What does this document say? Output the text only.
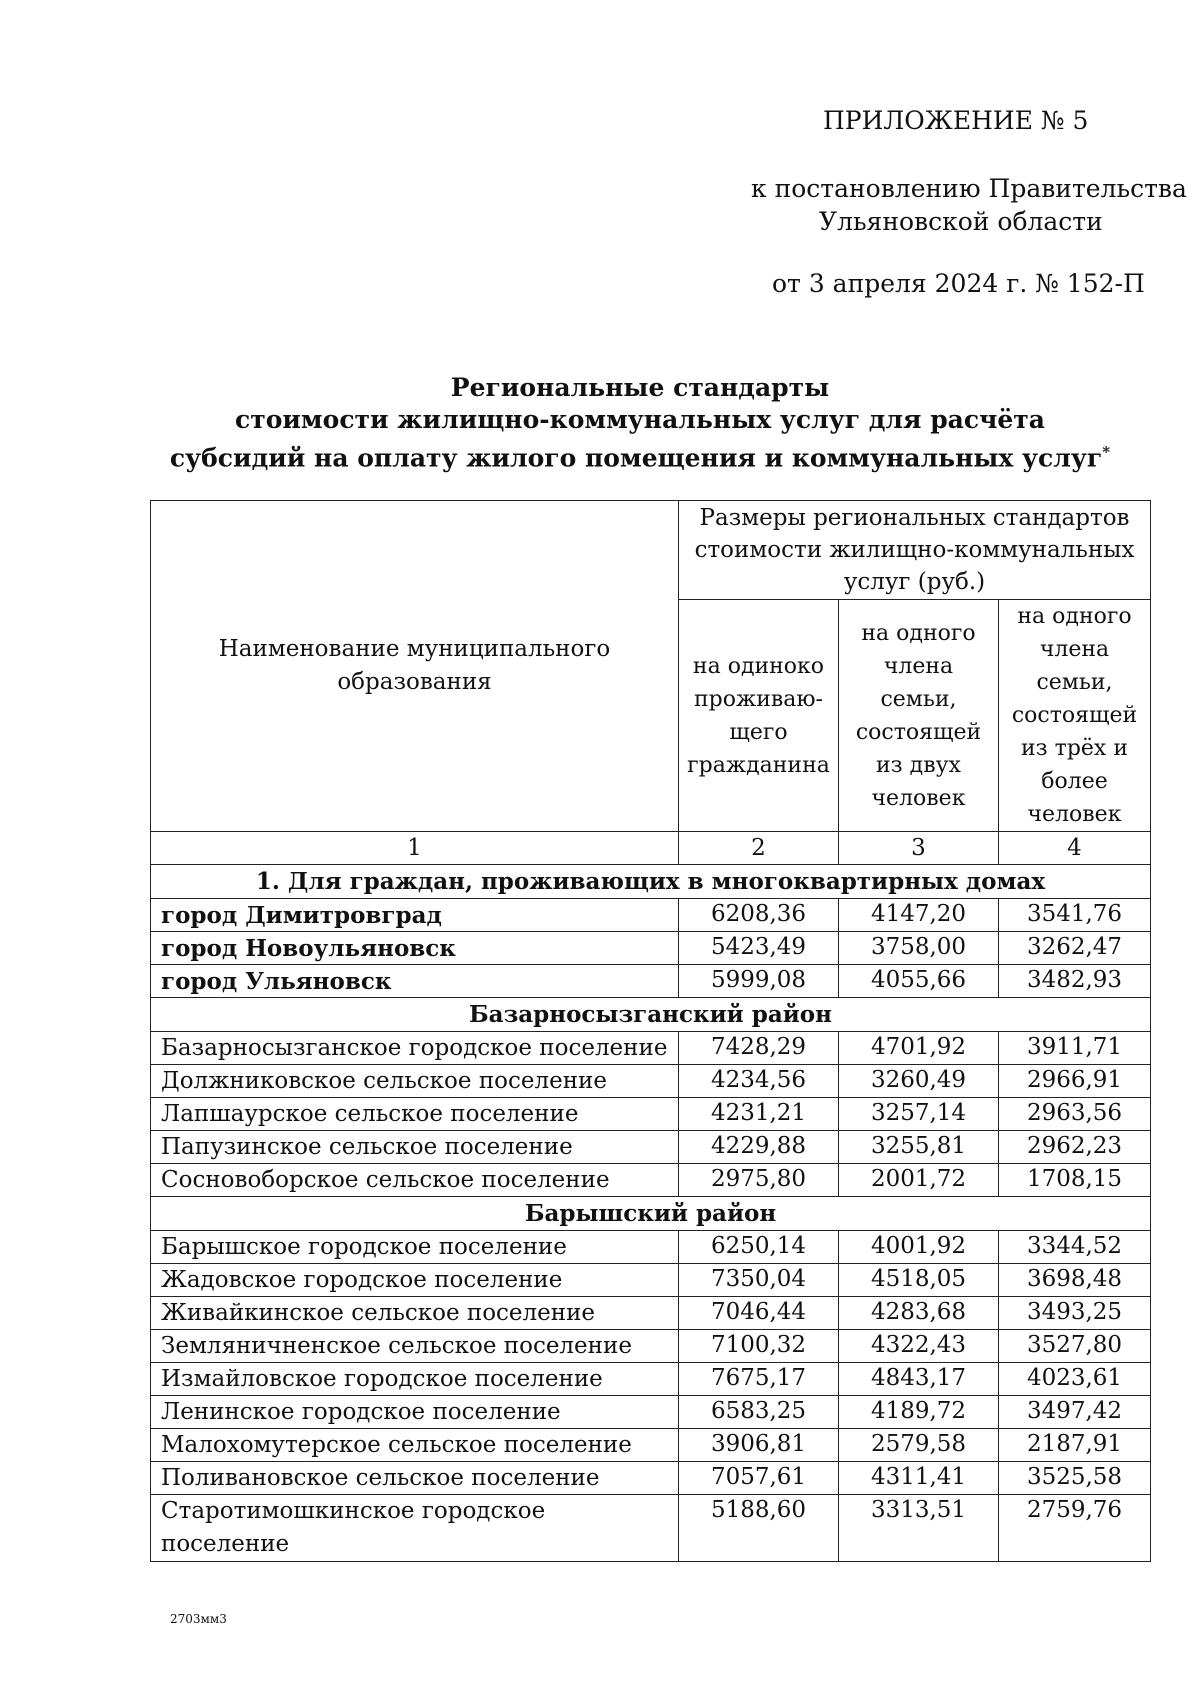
ПРИЛОЖЕНИЕ № 5
к постановлению Правительства
Ульяновской области
от 3 апреля 2024 г. № 152-П
Региональные стандарты
стоимости жилищно-коммунальных услуг для расчёта
субсидий на оплату жилого помещения и коммунальных услуг*
Наименование муниципального образования	Размеры региональных стандартов стоимости жилищно-коммунальных услуг (руб.)		
	на одиноко проживаю-щего гражданина	на одного члена семьи, состоящей из двух человек	на одного члена семьи, состоящей из трёх и более человек
1	2	3	4
1. Для граждан, проживающих в многоквартирных домах			
город Димитровград	6208,36	4147,20	3541,76
город Новоульяновск	5423,49	3758,00	3262,47
город Ульяновск	5999,08	4055,66	3482,93
Базарносызганский район			
Базарносызганское городское поселение	7428,29	4701,92	3911,71
Должниковское сельское поселение	4234,56	3260,49	2966,91
Лапшаурское сельское поселение	4231,21	3257,14	2963,56
Папузинское сельское поселение	4229,88	3255,81	2962,23
Сосновоборское сельское поселение	2975,80	2001,72	1708,15
Барышский район			
Барышское городское поселение	6250,14	4001,92	3344,52
Жадовское городское поселение	7350,04	4518,05	3698,48
Живайкинское сельское поселение	7046,44	4283,68	3493,25
Земляничненское сельское поселение	7100,32	4322,43	3527,80
Измайловское городское поселение	7675,17	4843,17	4023,61
Ленинское городское поселение	6583,25	4189,72	3497,42
Малохомутерское сельское поселение	3906,81	2579,58	2187,91
Поливановское сельское поселение	7057,61	4311,41	3525,58
Старотимошкинское городское поселение	5188,60	3313,51	2759,76
2703мм3
